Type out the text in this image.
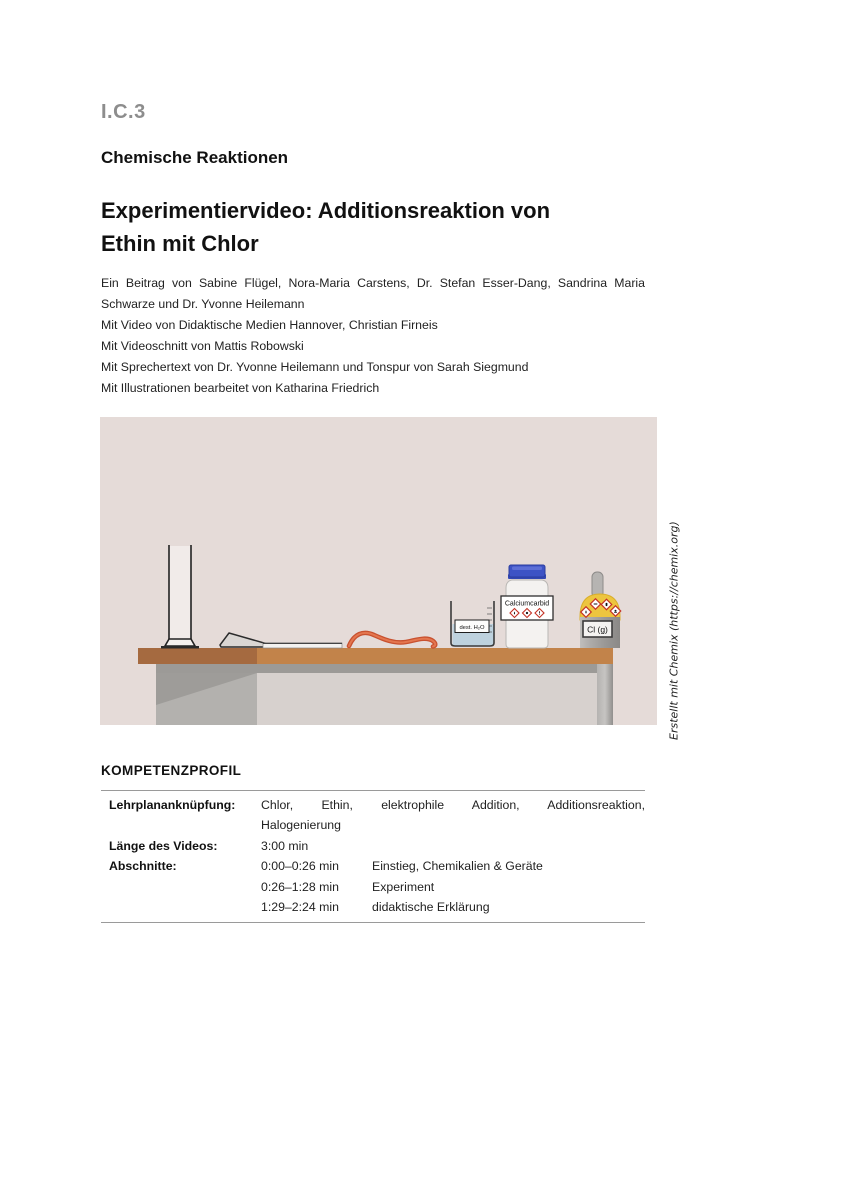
I.C.3
Chemische Reaktionen
Experimentiervideo: Additionsreaktion von
Ethin mit Chlor
Ein Beitrag von Sabine Flügel, Nora-Maria Carstens, Dr. Stefan Esser-Dang, Sandrina Maria
Schwarze und Dr. Yvonne Heilemann
Mit Video von Didaktische Medien Hannover, Christian Firneis
Mit Videoschnitt von Mattis Robowski
Mit Sprechertext von Dr. Yvonne Heilemann und Tonspur von Sarah Siegmund
Mit Illustrationen bearbeitet von Katharina Friedrich
dest. H₂O
Calciumcarbid
Cl (g)	Erstellt mit Chemix (https://chemix.org)
KOMPETENZPROFIL
Lehrplananknüpfung:	Chlor, Ethin, elektrophile Addition, Additionsreaktion,
Halogenierung
Länge des Videos:	3:00 min
Abschnitte:	0:00–0:26 min	Einstieg, Chemikalien & Geräte
0:26–1:28 min	Experiment
1:29–2:24 min	didaktische Erklärung
